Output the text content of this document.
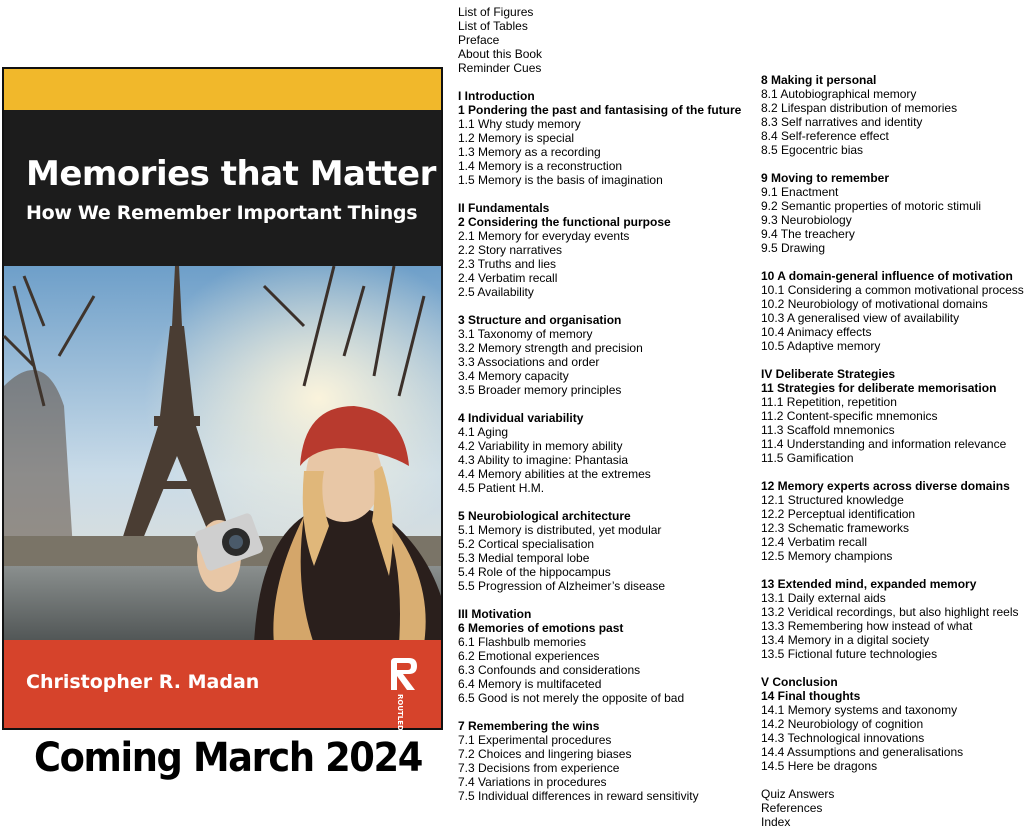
Memories that Matter
How We Remember Important Things
Christopher R. Madan
ROUTLEDGE
Coming March 2024
List of Figures
List of Tables
Preface
About this Book
Reminder Cues
I Introduction
1 Pondering the past and fantasising of the future
1.1 Why study memory
1.2 Memory is special
1.3 Memory as a recording
1.4 Memory is a reconstruction
1.5 Memory is the basis of imagination
II Fundamentals
2 Considering the functional purpose
2.1 Memory for everyday events
2.2 Story narratives
2.3 Truths and lies
2.4 Verbatim recall
2.5 Availability
3 Structure and organisation
3.1 Taxonomy of memory
3.2 Memory strength and precision
3.3 Associations and order
3.4 Memory capacity
3.5 Broader memory principles
4 Individual variability
4.1 Aging
4.2 Variability in memory ability
4.3 Ability to imagine: Phantasia
4.4 Memory abilities at the extremes
4.5 Patient H.M.
5 Neurobiological architecture
5.1 Memory is distributed, yet modular
5.2 Cortical specialisation
5.3 Medial temporal lobe
5.4 Role of the hippocampus
5.5 Progression of Alzheimer’s disease
III Motivation
6 Memories of emotions past
6.1 Flashbulb memories
6.2 Emotional experiences
6.3 Confounds and considerations
6.4 Memory is multifaceted
6.5 Good is not merely the opposite of bad
7 Remembering the wins
7.1 Experimental procedures
7.2 Choices and lingering biases
7.3 Decisions from experience
7.4 Variations in procedures
7.5 Individual differences in reward sensitivity
8 Making it personal
8.1 Autobiographical memory
8.2 Lifespan distribution of memories
8.3 Self narratives and identity
8.4 Self-reference effect
8.5 Egocentric bias
9 Moving to remember
9.1 Enactment
9.2 Semantic properties of motoric stimuli
9.3 Neurobiology
9.4 The treachery
9.5 Drawing
10 A domain-general influence of motivation
10.1 Considering a common motivational process
10.2 Neurobiology of motivational domains
10.3 A generalised view of availability
10.4 Animacy effects
10.5 Adaptive memory
IV Deliberate Strategies
11 Strategies for deliberate memorisation
11.1 Repetition, repetition
11.2 Content-specific mnemonics
11.3 Scaffold mnemonics
11.4 Understanding and information relevance
11.5 Gamification
12 Memory experts across diverse domains
12.1 Structured knowledge
12.2 Perceptual identification
12.3 Schematic frameworks
12.4 Verbatim recall
12.5 Memory champions
13 Extended mind, expanded memory
13.1 Daily external aids
13.2 Veridical recordings, but also highlight reels
13.3 Remembering how instead of what
13.4 Memory in a digital society
13.5 Fictional future technologies
V Conclusion
14 Final thoughts
14.1 Memory systems and taxonomy
14.2 Neurobiology of cognition
14.3 Technological innovations
14.4 Assumptions and generalisations
14.5 Here be dragons
Quiz Answers
References
Index
